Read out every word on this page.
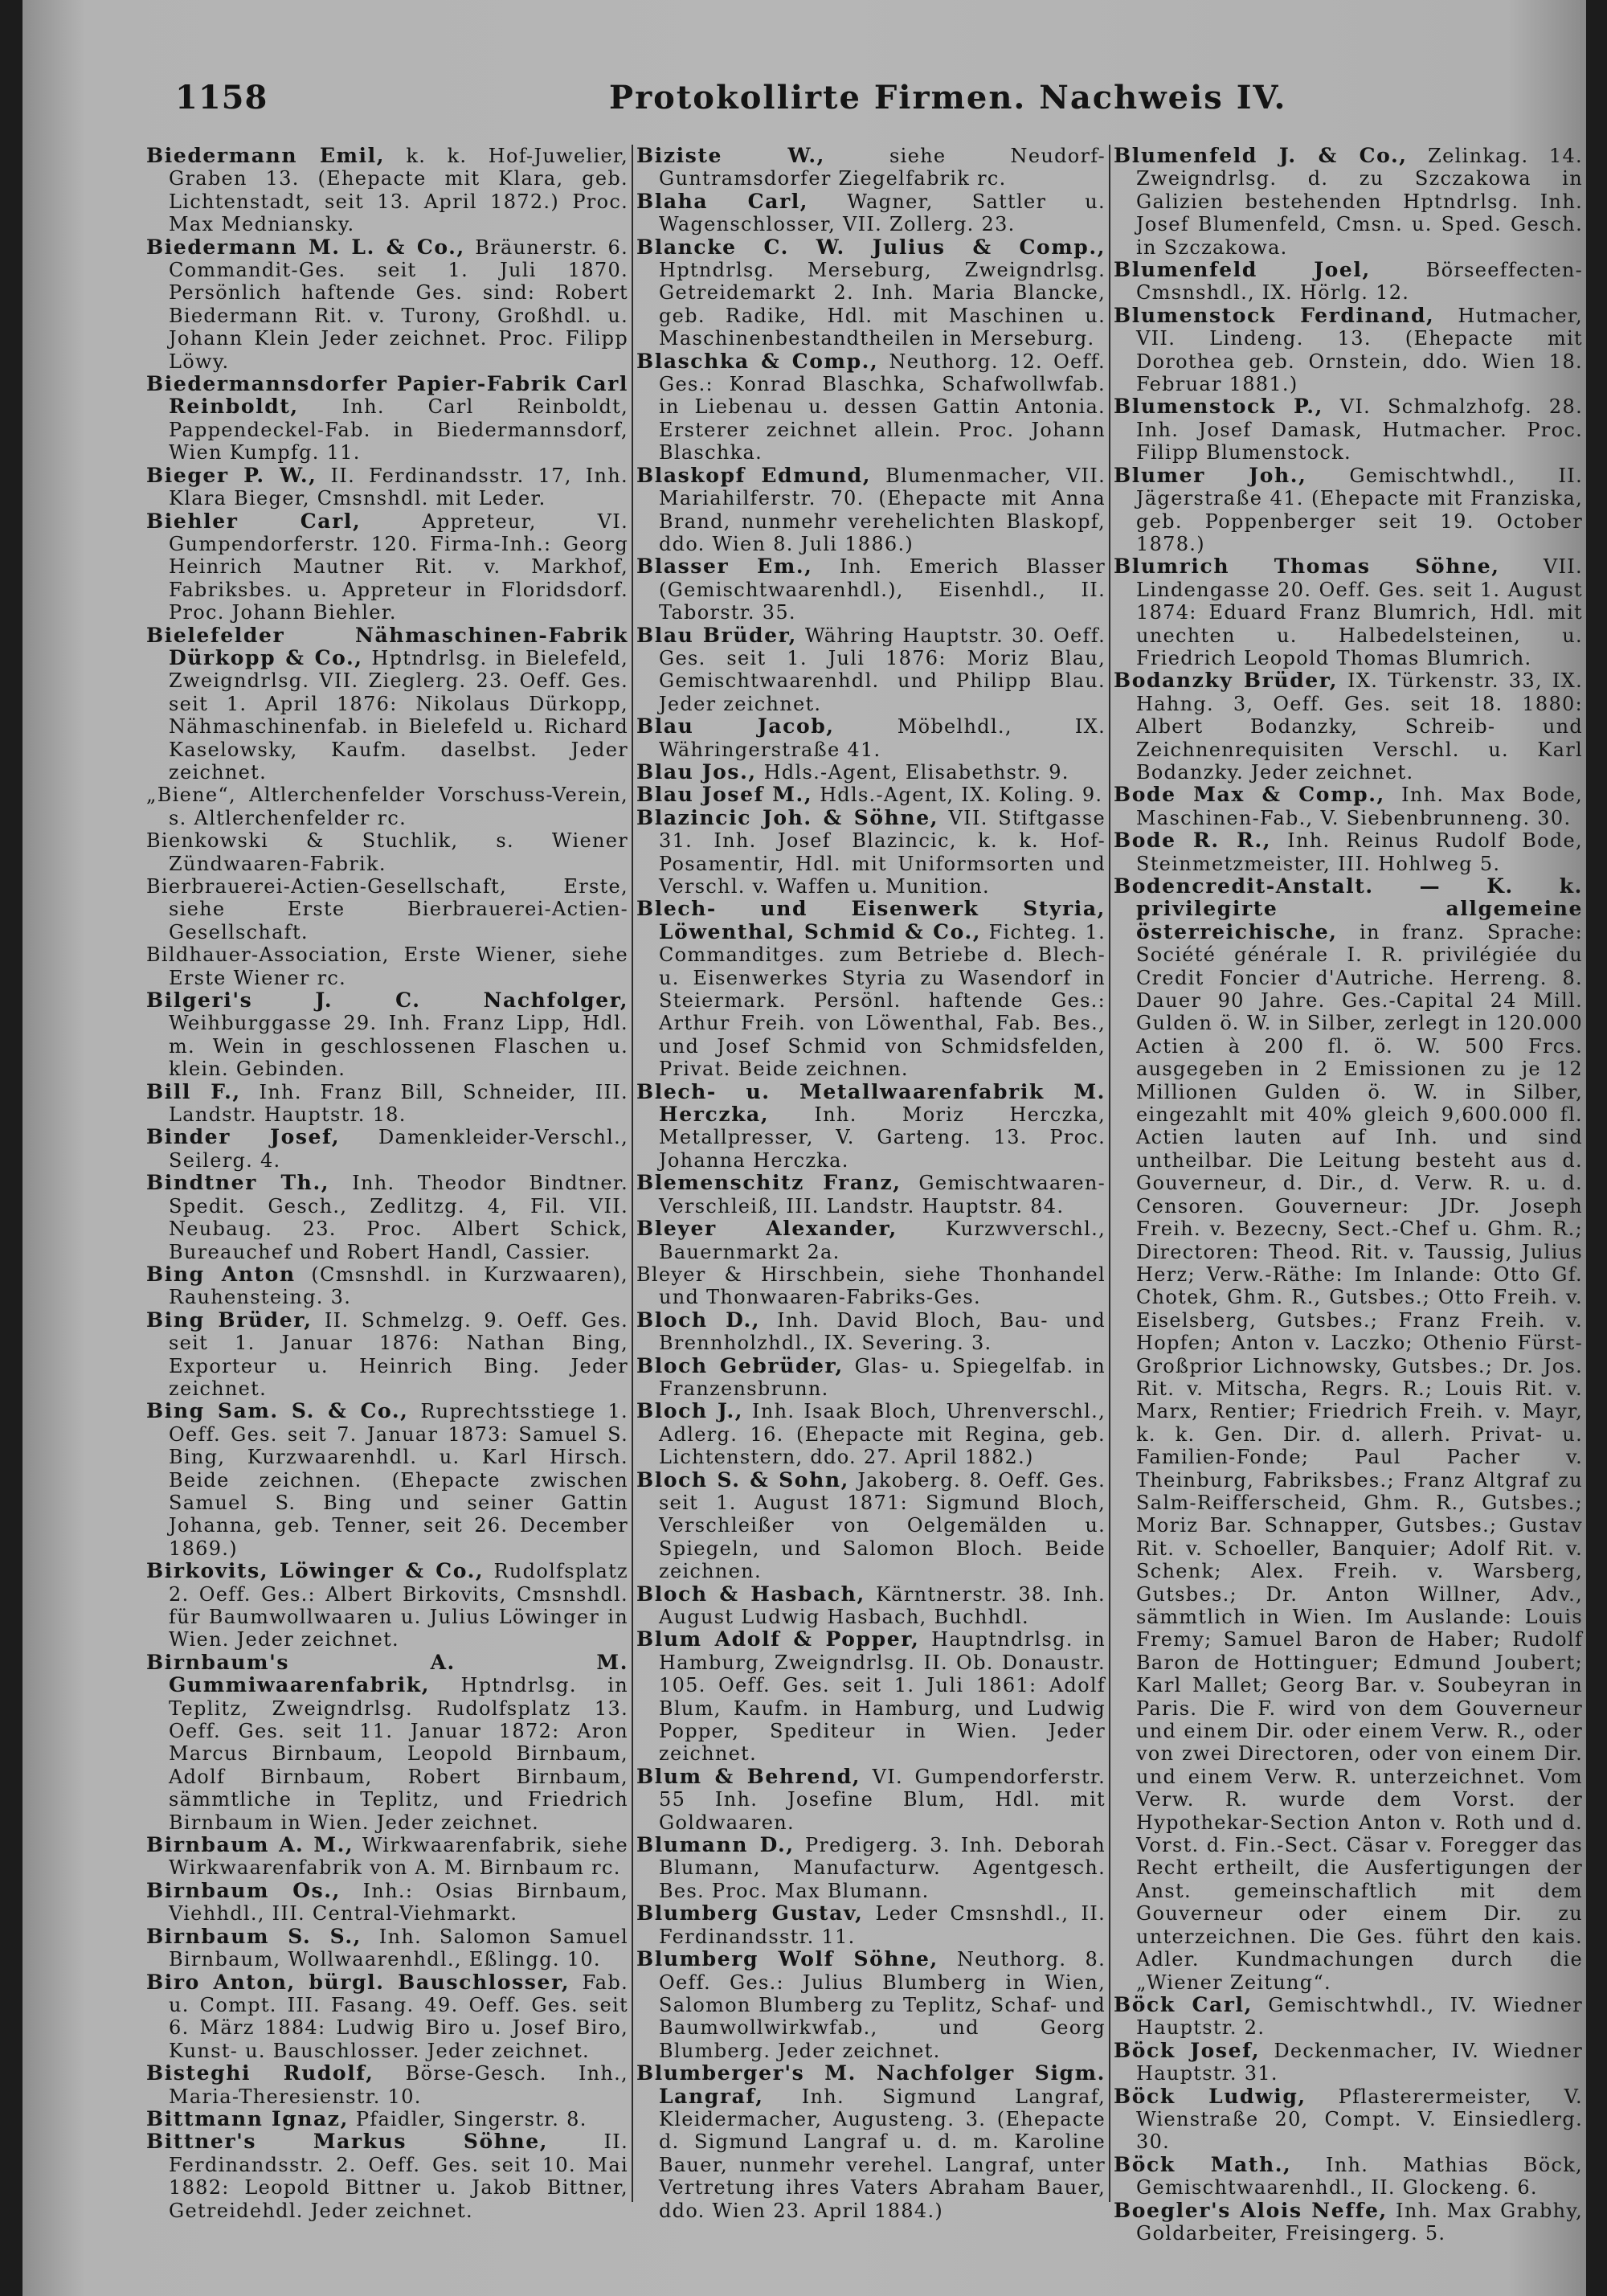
1158	Protokollirte Firmen. Nachweis IV.

Biedermann Emil, k. k. Hof-Juwelier, Graben 13. (Ehepacte mit Klara, geb. Lichtenstadt, seit 13. April 1872.) Proc. Max Medniansky.

Biedermann M. L. & Co., Bräunerstr. 6. Commandit-Ges. seit 1. Juli 1870. Persönlich haftende Ges. sind: Robert Biedermann Rit. v. Turony, Großhdl. u. Johann Klein Jeder zeichnet. Proc. Filipp Löwy.

Biedermannsdorfer Papier-Fabrik Carl Reinboldt, Inh. Carl Reinboldt, Pappendeckel-Fab. in Biedermannsdorf, Wien Kumpfg. 11.

Bieger P. W., II. Ferdinandsstr. 17, Inh. Klara Bieger, Cmsnshdl. mit Leder.

Biehler Carl, Appreteur, VI. Gumpendorferstr. 120. Firma-Inh.: Georg Heinrich Mautner Rit. v. Markhof, Fabriksbes. u. Appreteur in Floridsdorf. Proc. Johann Biehler.

Bielefelder Nähmaschinen-Fabrik Dürkopp & Co., Hptndrlsg. in Bielefeld, Zweigndrlsg. VII. Zieglerg. 23. Oeff. Ges. seit 1. April 1876: Nikolaus Dürkopp, Nähmaschinenfab. in Bielefeld u. Richard Kaselowsky, Kaufm. daselbst. Jeder zeichnet.

„Biene“, Altlerchenfelder Vorschuss-Verein, s. Altlerchenfelder rc.

Bienkowski & Stuchlik, s. Wiener Zündwaaren-Fabrik.

Bierbrauerei-Actien-Gesellschaft, Erste, siehe Erste Bierbrauerei-Actien-Gesellschaft.

Bildhauer-Association, Erste Wiener, siehe Erste Wiener rc.

Bilgeri's J. C. Nachfolger, Weihburggasse 29. Inh. Franz Lipp, Hdl. m. Wein in geschlossenen Flaschen u. klein. Gebinden.

Bill F., Inh. Franz Bill, Schneider, III. Landstr. Hauptstr. 18.

Binder Josef, Damenkleider-Verschl., Seilerg. 4.

Bindtner Th., Inh. Theodor Bindtner. Spedit. Gesch., Zedlitzg. 4, Fil. VII. Neubaug. 23. Proc. Albert Schick, Bureauchef und Robert Handl, Cassier.

Bing Anton (Cmsnshdl. in Kurzwaaren), Rauhensteing. 3.

Bing Brüder, II. Schmelzg. 9. Oeff. Ges. seit 1. Januar 1876: Nathan Bing, Exporteur u. Heinrich Bing. Jeder zeichnet.

Bing Sam. S. & Co., Ruprechtsstiege 1. Oeff. Ges. seit 7. Januar 1873: Samuel S. Bing, Kurzwaarenhdl. u. Karl Hirsch. Beide zeichnen. (Ehepacte zwischen Samuel S. Bing und seiner Gattin Johanna, geb. Tenner, seit 26. December 1869.)

Birkovits, Löwinger & Co., Rudolfsplatz 2. Oeff. Ges.: Albert Birkovits, Cmsnshdl. für Baumwollwaaren u. Julius Löwinger in Wien. Jeder zeichnet.

Birnbaum's A. M. Gummiwaarenfabrik, Hptndrlsg. in Teplitz, Zweigndrlsg. Rudolfsplatz 13. Oeff. Ges. seit 11. Januar 1872: Aron Marcus Birnbaum, Leopold Birnbaum, Adolf Birnbaum, Robert Birnbaum, sämmtliche in Teplitz, und Friedrich Birnbaum in Wien. Jeder zeichnet.

Birnbaum A. M., Wirkwaarenfabrik, siehe Wirkwaarenfabrik von A. M. Birnbaum rc.

Birnbaum Os., Inh.: Osias Birnbaum, Viehhdl., III. Central-Viehmarkt.

Birnbaum S. S., Inh. Salomon Samuel Birnbaum, Wollwaarenhdl., Eßlingg. 10.

Biro Anton, bürgl. Bauschlosser, Fab. u. Compt. III. Fasang. 49. Oeff. Ges. seit 6. März 1884: Ludwig Biro u. Josef Biro, Kunst- u. Bauschlosser. Jeder zeichnet.

Bisteghi Rudolf, Börse-Gesch. Inh., Maria-Theresienstr. 10.

Bittmann Ignaz, Pfaidler, Singerstr. 8.

Bittner's Markus Söhne, II. Ferdinandsstr. 2. Oeff. Ges. seit 10. Mai 1882: Leopold Bittner u. Jakob Bittner, Getreidehdl. Jeder zeichnet.

Biziste W., siehe Neudorf-Guntramsdorfer Ziegelfabrik rc.

Blaha Carl, Wagner, Sattler u. Wagenschlosser, VII. Zollerg. 23.

Blancke C. W. Julius & Comp., Hptndrlsg. Merseburg, Zweigndrlsg. Getreidemarkt 2. Inh. Maria Blancke, geb. Radike, Hdl. mit Maschinen u. Maschinenbestandtheilen in Merseburg.

Blaschka & Comp., Neuthorg. 12. Oeff. Ges.: Konrad Blaschka, Schafwollwfab. in Liebenau u. dessen Gattin Antonia. Ersterer zeichnet allein. Proc. Johann Blaschka.

Blaskopf Edmund, Blumenmacher, VII. Mariahilferstr. 70. (Ehepacte mit Anna Brand, nunmehr verehelichten Blaskopf, ddo. Wien 8. Juli 1886.)

Blasser Em., Inh. Emerich Blasser (Gemischtwaarenhdl.), Eisenhdl., II. Taborstr. 35.

Blau Brüder, Währing Hauptstr. 30. Oeff. Ges. seit 1. Juli 1876: Moriz Blau, Gemischtwaarenhdl. und Philipp Blau. Jeder zeichnet.

Blau Jacob, Möbelhdl., IX. Währingerstraße 41.

Blau Jos., Hdls.-Agent, Elisabethstr. 9.

Blau Josef M., Hdls.-Agent, IX. Koling. 9.

Blazincic Joh. & Söhne, VII. Stiftgasse 31. Inh. Josef Blazincic, k. k. Hof-Posamentir, Hdl. mit Uniformsorten und Verschl. v. Waffen u. Munition.

Blech- und Eisenwerk Styria, Löwenthal, Schmid & Co., Fichteg. 1. Commanditges. zum Betriebe d. Blech- u. Eisenwerkes Styria zu Wasendorf in Steiermark. Persönl. haftende Ges.: Arthur Freih. von Löwenthal, Fab. Bes., und Josef Schmid von Schmidsfelden, Privat. Beide zeichnen.

Blech- u. Metallwaarenfabrik M. Herczka, Inh. Moriz Herczka, Metallpresser, V. Garteng. 13. Proc. Johanna Herczka.

Blemenschitz Franz, Gemischtwaaren-Verschleiß, III. Landstr. Hauptstr. 84.

Bleyer Alexander, Kurzwverschl., Bauernmarkt 2a.

Bleyer & Hirschbein, siehe Thonhandel und Thonwaaren-Fabriks-Ges.

Bloch D., Inh. David Bloch, Bau- und Brennholzhdl., IX. Severing. 3.

Bloch Gebrüder, Glas- u. Spiegelfab. in Franzensbrunn.

Bloch J., Inh. Isaak Bloch, Uhrenverschl., Adlerg. 16. (Ehepacte mit Regina, geb. Lichtenstern, ddo. 27. April 1882.)

Bloch S. & Sohn, Jakoberg. 8. Oeff. Ges. seit 1. August 1871: Sigmund Bloch, Verschleißer von Oelgemälden u. Spiegeln, und Salomon Bloch. Beide zeichnen.

Bloch & Hasbach, Kärntnerstr. 38. Inh. August Ludwig Hasbach, Buchhdl.

Blum Adolf & Popper, Hauptndrlsg. in Hamburg, Zweigndrlsg. II. Ob. Donaustr. 105. Oeff. Ges. seit 1. Juli 1861: Adolf Blum, Kaufm. in Hamburg, und Ludwig Popper, Spediteur in Wien. Jeder zeichnet.

Blum & Behrend, VI. Gumpendorferstr. 55 Inh. Josefine Blum, Hdl. mit Goldwaaren.

Blumann D., Predigerg. 3. Inh. Deborah Blumann, Manufacturw. Agentgesch. Bes. Proc. Max Blumann.

Blumberg Gustav, Leder Cmsnshdl., II. Ferdinandsstr. 11.

Blumberg Wolf Söhne, Neuthorg. 8. Oeff. Ges.: Julius Blumberg in Wien, Salomon Blumberg zu Teplitz, Schaf- und Baumwollwirkwfab., und Georg Blumberg. Jeder zeichnet.

Blumberger's M. Nachfolger Sigm. Langraf, Inh. Sigmund Langraf, Kleidermacher, Augusteng. 3. (Ehepacte d. Sigmund Langraf u. d. m. Karoline Bauer, nunmehr verehel. Langraf, unter Vertretung ihres Vaters Abraham Bauer, ddo. Wien 23. April 1884.)

Blumenfeld J. & Co., Zelinkag. 14. Zweigndrlsg. d. zu Szczakowa in Galizien bestehenden Hptndrlsg. Inh. Josef Blumenfeld, Cmsn. u. Sped. Gesch. in Szczakowa.

Blumenfeld Joel, Börseeffecten-Cmsnshdl., IX. Hörlg. 12.

Blumenstock Ferdinand, Hutmacher, VII. Lindeng. 13. (Ehepacte mit Dorothea geb. Ornstein, ddo. Wien 18. Februar 1881.)

Blumenstock P., VI. Schmalzhofg. 28. Inh. Josef Damask, Hutmacher. Proc. Filipp Blumenstock.

Blumer Joh., Gemischtwhdl., II. Jägerstraße 41. (Ehepacte mit Franziska, geb. Poppenberger seit 19. October 1878.)

Blumrich Thomas Söhne, VII. Lindengasse 20. Oeff. Ges. seit 1. August 1874: Eduard Franz Blumrich, Hdl. mit unechten u. Halbedelsteinen, u. Friedrich Leopold Thomas Blumrich.

Bodanzky Brüder, IX. Türkenstr. 33, IX. Hahng. 3, Oeff. Ges. seit 18. 1880: Albert Bodanzky, Schreib- und Zeichnenrequisiten Verschl. u. Karl Bodanzky. Jeder zeichnet.

Bode Max & Comp., Inh. Max Bode, Maschinen-Fab., V. Siebenbrunneng. 30.

Bode R. R., Inh. Reinus Rudolf Bode, Steinmetzmeister, III. Hohlweg 5.

Bodencredit-Anstalt. — K. k. privilegirte allgemeine österreichische, in franz. Sprache: Société générale I. R. privilégiée du Credit Foncier d'Autriche. Herreng. 8. Dauer 90 Jahre. Ges.-Capital 24 Mill. Gulden ö. W. in Silber, zerlegt in 120.000 Actien à 200 fl. ö. W. 500 Frcs. ausgegeben in 2 Emissionen zu je 12 Millionen Gulden ö. W. in Silber, eingezahlt mit 40% gleich 9,600.000 fl. Actien lauten auf Inh. und sind untheilbar. Die Leitung besteht aus d. Gouverneur, d. Dir., d. Verw. R. u. d. Censoren. Gouverneur: JDr. Joseph Freih. v. Bezecny, Sect.-Chef u. Ghm. R.; Directoren: Theod. Rit. v. Taussig, Julius Herz; Verw.-Räthe: Im Inlande: Otto Gf. Chotek, Ghm. R., Gutsbes.; Otto Freih. v. Eiselsberg, Gutsbes.; Franz Freih. v. Hopfen; Anton v. Laczko; Othenio Fürst-Großprior Lichnowsky, Gutsbes.; Dr. Jos. Rit. v. Mitscha, Regrs. R.; Louis Rit. v. Marx, Rentier; Friedrich Freih. v. Mayr, k. k. Gen. Dir. d. allerh. Privat- u. Familien-Fonde; Paul Pacher v. Theinburg, Fabriksbes.; Franz Altgraf zu Salm-Reifferscheid, Ghm. R., Gutsbes.; Moriz Bar. Schnapper, Gutsbes.; Gustav Rit. v. Schoeller, Banquier; Adolf Rit. v. Schenk; Alex. Freih. v. Warsberg, Gutsbes.; Dr. Anton Willner, Adv., sämmtlich in Wien. Im Auslande: Louis Fremy; Samuel Baron de Haber; Rudolf Baron de Hottinguer; Edmund Joubert; Karl Mallet; Georg Bar. v. Soubeyran in Paris. Die F. wird von dem Gouverneur und einem Dir. oder einem Verw. R., oder von zwei Directoren, oder von einem Dir. und einem Verw. R. unterzeichnet. Vom Verw. R. wurde dem Vorst. der Hypothekar-Section Anton v. Roth und d. Vorst. d. Fin.-Sect. Cäsar v. Foregger das Recht ertheilt, die Ausfertigungen der Anst. gemeinschaftlich mit dem Gouverneur oder einem Dir. zu unterzeichnen. Die Ges. führt den kais. Adler. Kundmachungen durch die „Wiener Zeitung“.

Böck Carl, Gemischtwhdl., IV. Wiedner Hauptstr. 2.

Böck Josef, Deckenmacher, IV. Wiedner Hauptstr. 31.

Böck Ludwig, Pflasterermeister, V. Wienstraße 20, Compt. V. Einsiedlerg. 30.

Böck Math., Inh. Mathias Böck, Gemischtwaarenhdl., II. Glockeng. 6.

Boegler's Alois Neffe, Inh. Max Grabhy, Goldarbeiter, Freisingerg. 5.
